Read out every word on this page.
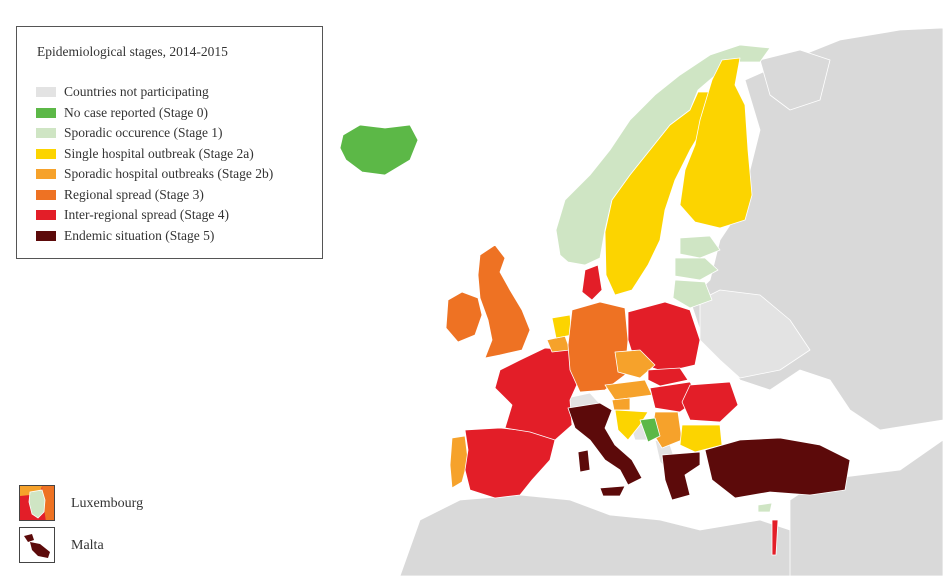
Epidemiological stages, 2014-2015
Countries not participating
No case reported (Stage 0)
Sporadic occurence (Stage 1)
Single hospital outbreak (Stage 2a)
Sporadic hospital outbreaks (Stage 2b)
Regional spread (Stage 3)
Inter-regional spread (Stage 4)
Endemic situation (Stage 5)
Luxembourg
Malta
